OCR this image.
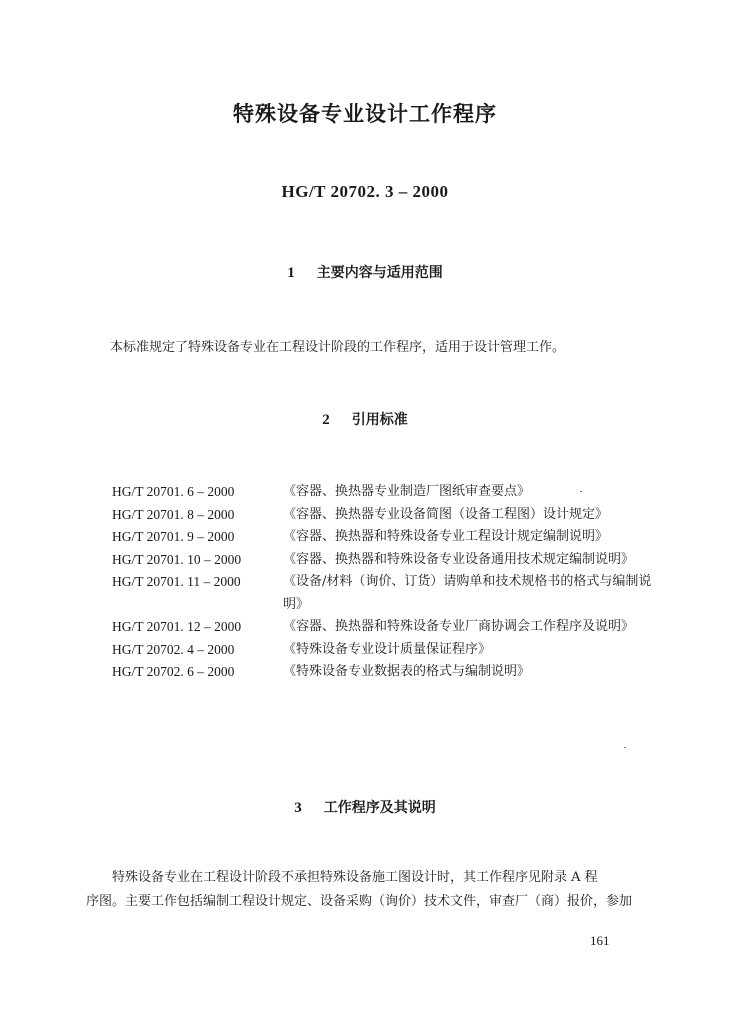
特殊设备专业设计工作程序
HG/T 20702. 3 – 2000
1 主要内容与适用范围
本标准规定了特殊设备专业在工程设计阶段的工作程序，适用于设计管理工作。
2 引用标准
HG/T 20701. 6 – 2000	《容器、换热器专业制造厂图纸审查要点》
HG/T 20701. 8 – 2000	《容器、换热器专业设备简图（设备工程图）设计规定》
HG/T 20701. 9 – 2000	《容器、换热器和特殊设备专业工程设计规定编制说明》
HG/T 20701. 10 – 2000	《容器、换热器和特殊设备专业设备通用技术规定编制说明》
HG/T 20701. 11 – 2000	《设备/材料（询价、订货）请购单和技术规格书的格式与编制说明》
HG/T 20701. 12 – 2000	《容器、换热器和特殊设备专业厂商协调会工作程序及说明》
HG/T 20702. 4 – 2000	《特殊设备专业设计质量保证程序》
HG/T 20702. 6 – 2000	《特殊设备专业数据表的格式与编制说明》
3 工作程序及其说明
特殊设备专业在工程设计阶段不承担特殊设备施工图设计时，其工作程序见附录 A 程
序图。主要工作包括编制工程设计规定、设备采购（询价）技术文件，审查厂（商）报价，参加
161
